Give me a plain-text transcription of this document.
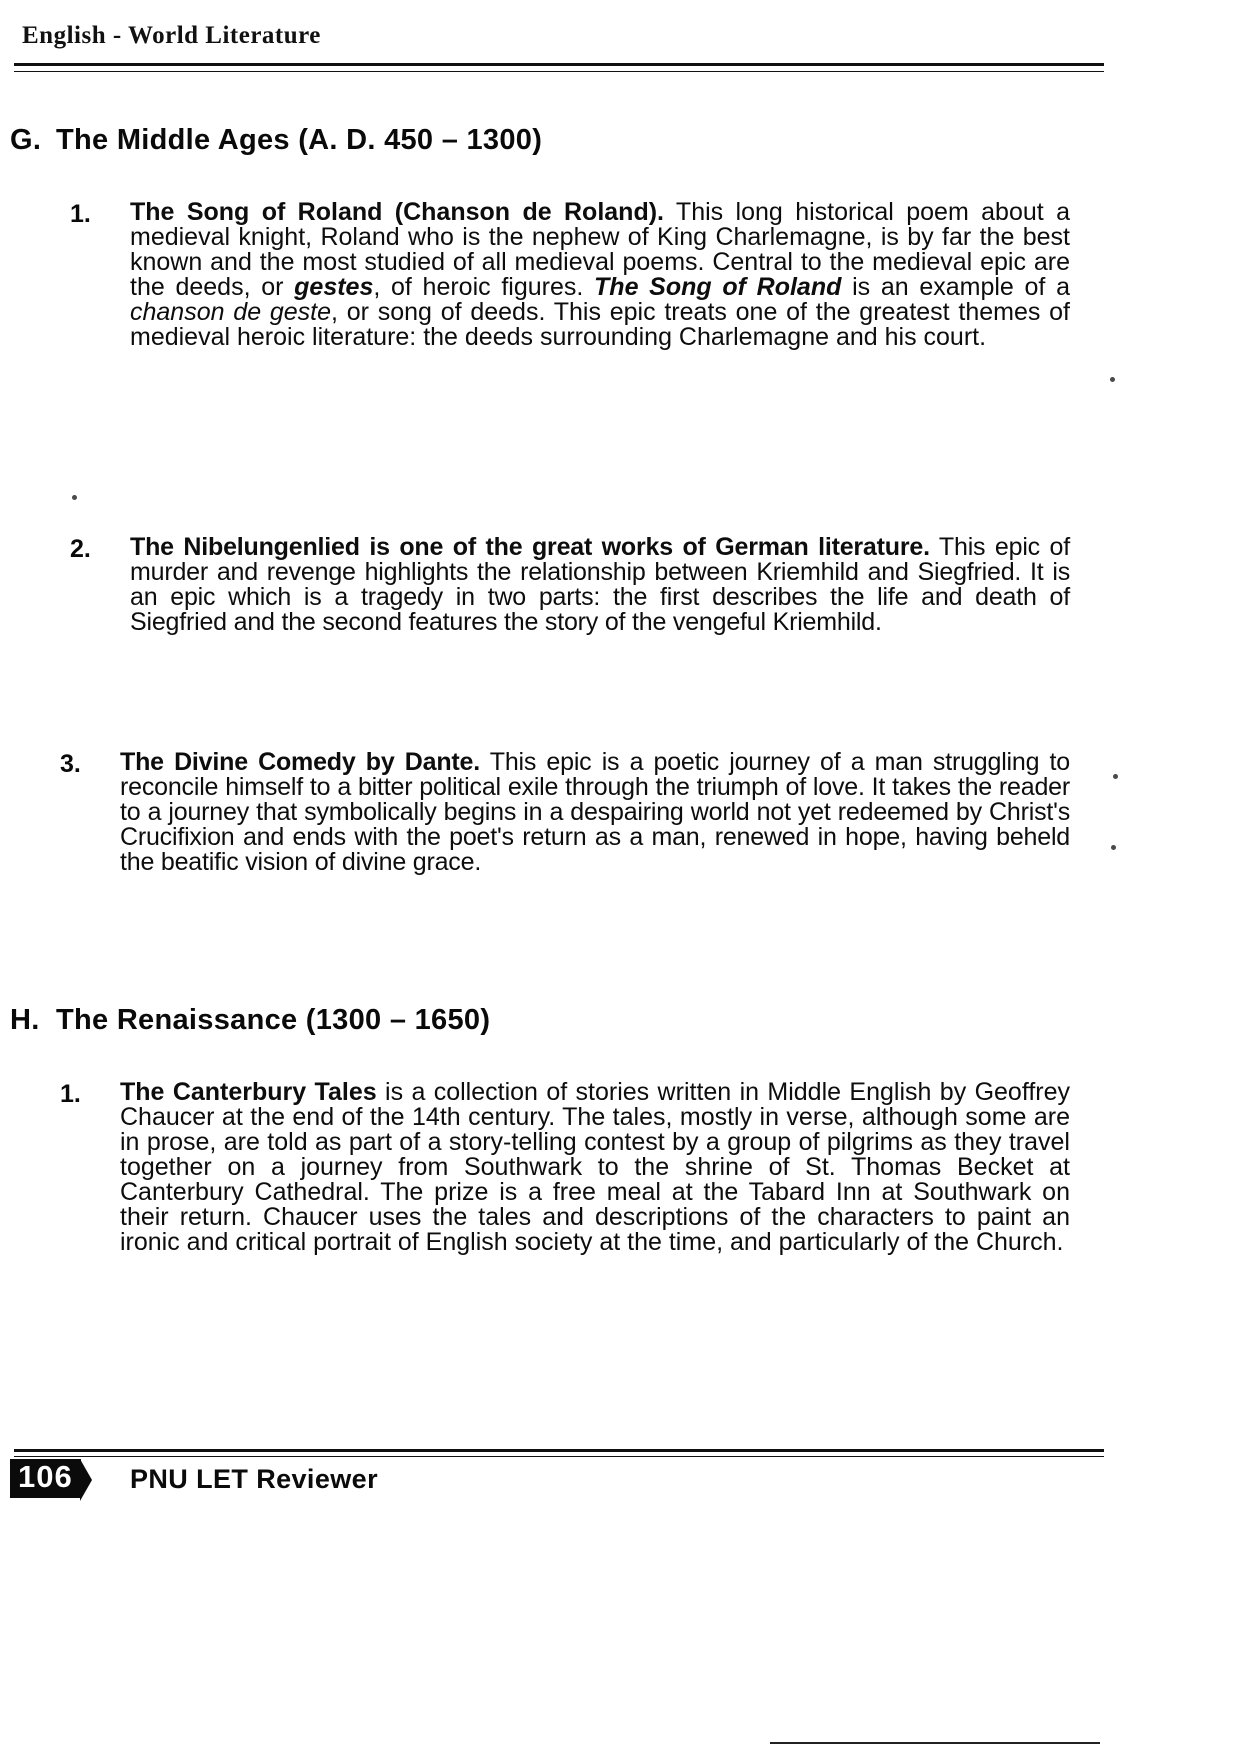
English - World Literature
G. The Middle Ages (A. D. 450 – 1300)
1.	The Song of Roland (Chanson de Roland). This long historical poem about a medieval knight, Roland who is the nephew of King Charlemagne, is by far the best known and the most studied of all medieval poems. Central to the medieval epic are the deeds, or gestes, of heroic figures. The Song of Roland is an example of a chanson de geste, or song of deeds. This epic treats one of the greatest themes of medieval heroic literature: the deeds surrounding Charlemagne and his court.

2.	The Nibelungenlied is one of the great works of German literature. This epic of murder and revenge highlights the relationship between Kriemhild and Siegfried. It is an epic which is a tragedy in two parts: the first describes the life and death of Siegfried and the second features the story of the vengeful Kriemhild.

3.	The Divine Comedy by Dante. This epic is a poetic journey of a man struggling to reconcile himself to a bitter political exile through the triumph of love. It takes the reader to a journey that symbolically begins in a despairing world not yet redeemed by Christ's Crucifixion and ends with the poet's return as a man, renewed in hope, having beheld the beatific vision of divine grace.

H. The Renaissance (1300 – 1650)
1.	The Canterbury Tales is a collection of stories written in Middle English by Geoffrey Chaucer at the end of the 14th century. The tales, mostly in verse, although some are in prose, are told as part of a story-telling contest by a group of pilgrims as they travel together on a journey from Southwark to the shrine of St. Thomas Becket at Canterbury Cathedral. The prize is a free meal at the Tabard Inn at Southwark on their return. Chaucer uses the tales and descriptions of the characters to paint an ironic and critical portrait of English society at the time, and particularly of the Church.

106 PNU LET Reviewer
